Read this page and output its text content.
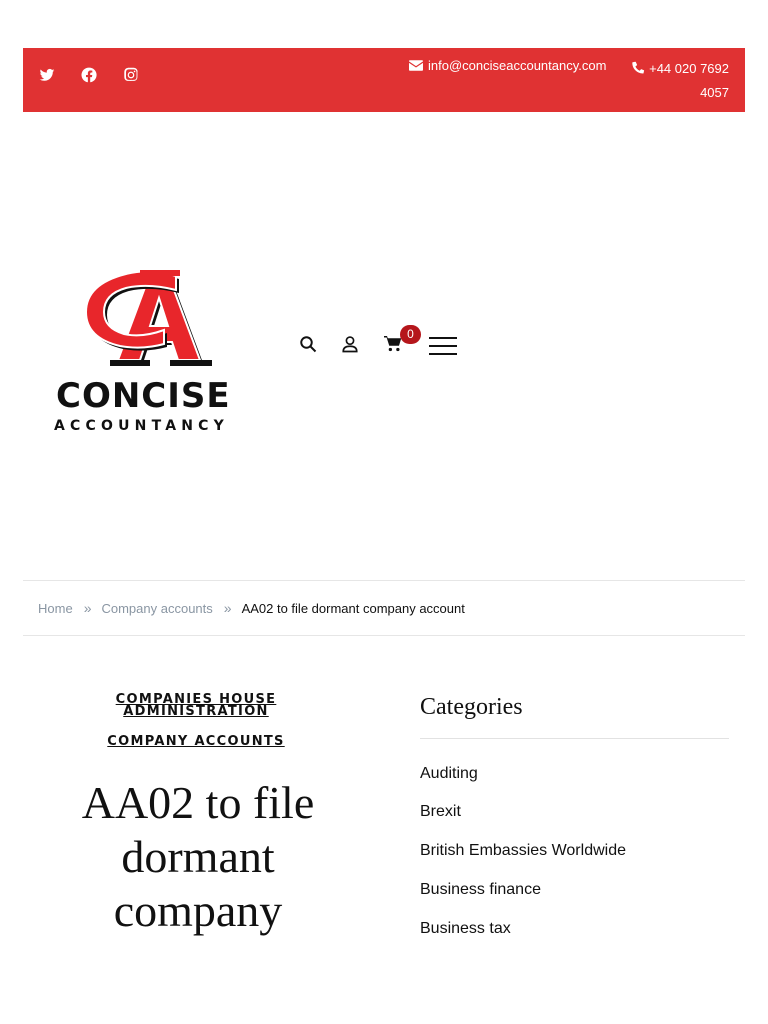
info@conciseaccountancy.com	+44 020 7692 4057
CONCISE
ACCOUNTANCY
0
Home » Company accounts » AA02 to file dormant company account
COMPANIES HOUSE ADMINISTRATION
COMPANY ACCOUNTS
AA02 to file dormant company
Categories
Auditing
Brexit
British Embassies Worldwide
Business finance
Business tax
